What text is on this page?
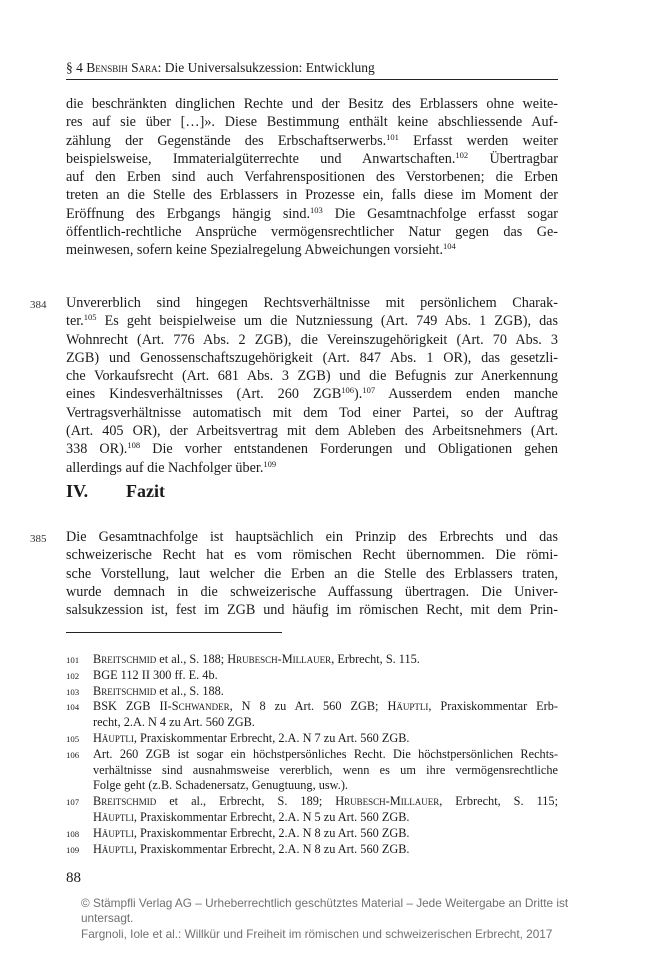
§ 4 Bensbih Sara: Die Universalsukzession: Entwicklung

die beschränkten dinglichen Rechte und der Besitz des Erblassers ohne weite-
res auf sie über […]». Diese Bestimmung enthält keine abschliessende Auf-
zählung der Gegenstände des Erbschaftserwerbs.$^{101}$ Erfasst werden weiter
beispielsweise, Immaterialgüterrechte und Anwartschaften.$^{102}$ Übertragbar
auf den Erben sind auch Verfahrenspositionen des Verstorbenen; die Erben
treten an die Stelle des Erblassers in Prozesse ein, falls diese im Moment der
Eröffnung des Erbgangs hängig sind.$^{103}$ Die Gesamtnachfolge erfasst sogar
öffentlich-rechtliche Ansprüche vermögensrechtlicher Natur gegen das Ge-
meinwesen, sofern keine Spezialregelung Abweichungen vorsieht.$^{104}$

384 Unvererblich sind hingegen Rechtsverhältnisse mit persönlichem Charak-
ter.$^{105}$ Es geht beispielweise um die Nutzniessung (Art. 749 Abs. 1 ZGB), das
Wohnrecht (Art. 776 Abs. 2 ZGB), die Vereinszugehörigkeit (Art. 70 Abs. 3
ZGB) und Genossenschaftszugehörigkeit (Art. 847 Abs. 1 OR), das gesetzli-
che Vorkaufsrecht (Art. 681 Abs. 3 ZGB) und die Befugnis zur Anerkennung
eines Kindesverhältnisses (Art. 260 ZGB$^{106}$).$^{107}$ Ausserdem enden manche
Vertragsverhältnisse automatisch mit dem Tod einer Partei, so der Auftrag
(Art. 405 OR), der Arbeitsvertrag mit dem Ableben des Arbeitsnehmers (Art.
338 OR).$^{108}$ Die vorher entstandenen Forderungen und Obligationen gehen
allerdings auf die Nachfolger über.$^{109}$

IV. Fazit
385 Die Gesamtnachfolge ist hauptsächlich ein Prinzip des Erbrechts und das
schweizerische Recht hat es vom römischen Recht übernommen. Die römi-
sche Vorstellung, laut welcher die Erben an die Stelle des Erblassers traten,
wurde demnach in die schweizerische Auffassung übertragen. Die Univer-
salsukzession ist, fest im ZGB und häufig im römischen Recht, mit dem Prin-

101 Breitschmid et al., S. 188; Hrubesch-Millauer, Erbrecht, S. 115.
102 BGE 112 II 300 ff. E. 4b.
103 Breitschmid et al., S. 188.
104 BSK ZGB II-Schwander, N 8 zu Art. 560 ZGB; Häuptli, Praxiskommentar Erb-
recht, 2.A. N 4 zu Art. 560 ZGB.
105 Häuptli, Praxiskommentar Erbrecht, 2.A. N 7 zu Art. 560 ZGB.
106 Art. 260 ZGB ist sogar ein höchstpersönliches Recht. Die höchstpersönlichen Rechts-
verhältnisse sind ausnahmsweise vererblich, wenn es um ihre vermögensrechtliche
Folge geht (z.B. Schadenersatz, Genugtuung, usw.).
107 Breitschmid et al., Erbrecht, S. 189; Hrubesch-Millauer, Erbrecht, S. 115;
Häuptli, Praxiskommentar Erbrecht, 2.A. N 5 zu Art. 560 ZGB.
108 Häuptli, Praxiskommentar Erbrecht, 2.A. N 8 zu Art. 560 ZGB.
109 Häuptli, Praxiskommentar Erbrecht, 2.A. N 8 zu Art. 560 ZGB.
88
© Stämpfli Verlag AG – Urheberrechtlich geschütztes Material – Jede Weitergabe an Dritte ist
untersagt.
Fargnoli, Iole et al.: Willkür und Freiheit im römischen und schweizerischen Erbrecht, 2017
